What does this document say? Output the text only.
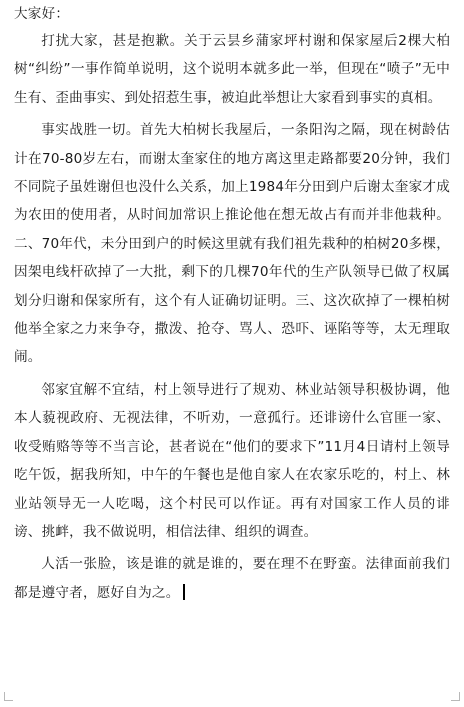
大家好：

打扰大家，甚是抱歉。关于云昙乡蒲家坪村谢和保家屋后2棵大柏树“纠纷”一事作简单说明，这个说明本就多此一举，但现在“喷子”无中生有、歪曲事实、到处招惹生事，被迫此举想让大家看到事实的真相。

事实战胜一切。首先大柏树长我屋后，一条阳沟之隔，现在树龄估计在70-80岁左右，而谢太奎家住的地方离这里走路都要20分钟，我们不同院子虽姓谢但也没什么关系，加上1984年分田到户后谢太奎家才成为农田的使用者，从时间加常识上推论他在想无故占有而并非他栽种。二、70年代，未分田到户的时候这里就有我们祖先栽种的柏树20多棵，因架电线杆砍掉了一大批，剩下的几棵70年代的生产队领导已做了权属划分归谢和保家所有，这个有人证确切证明。三、这次砍掉了一棵柏树他举全家之力来争夺，撒泼、抢夺、骂人、恐吓、诬陷等等，太无理取闹。

邻家宜解不宜结，村上领导进行了规劝、林业站领导积极协调，他本人藐视政府、无视法律，不听劝，一意孤行。还诽谤什么官匪一家、收受贿赂等等不当言论，甚者说在“他们的要求下”11月4日请村上领导吃午饭，据我所知，中午的午餐也是他自家人在农家乐吃的，村上、林业站领导无一人吃喝，这个村民可以作证。再有对国家工作人员的诽谤、挑衅，我不做说明，相信法律、组织的调查。

人活一张脸，该是谁的就是谁的，要在理不在野蛮。法律面前我们都是遵守者，愿好自为之。
